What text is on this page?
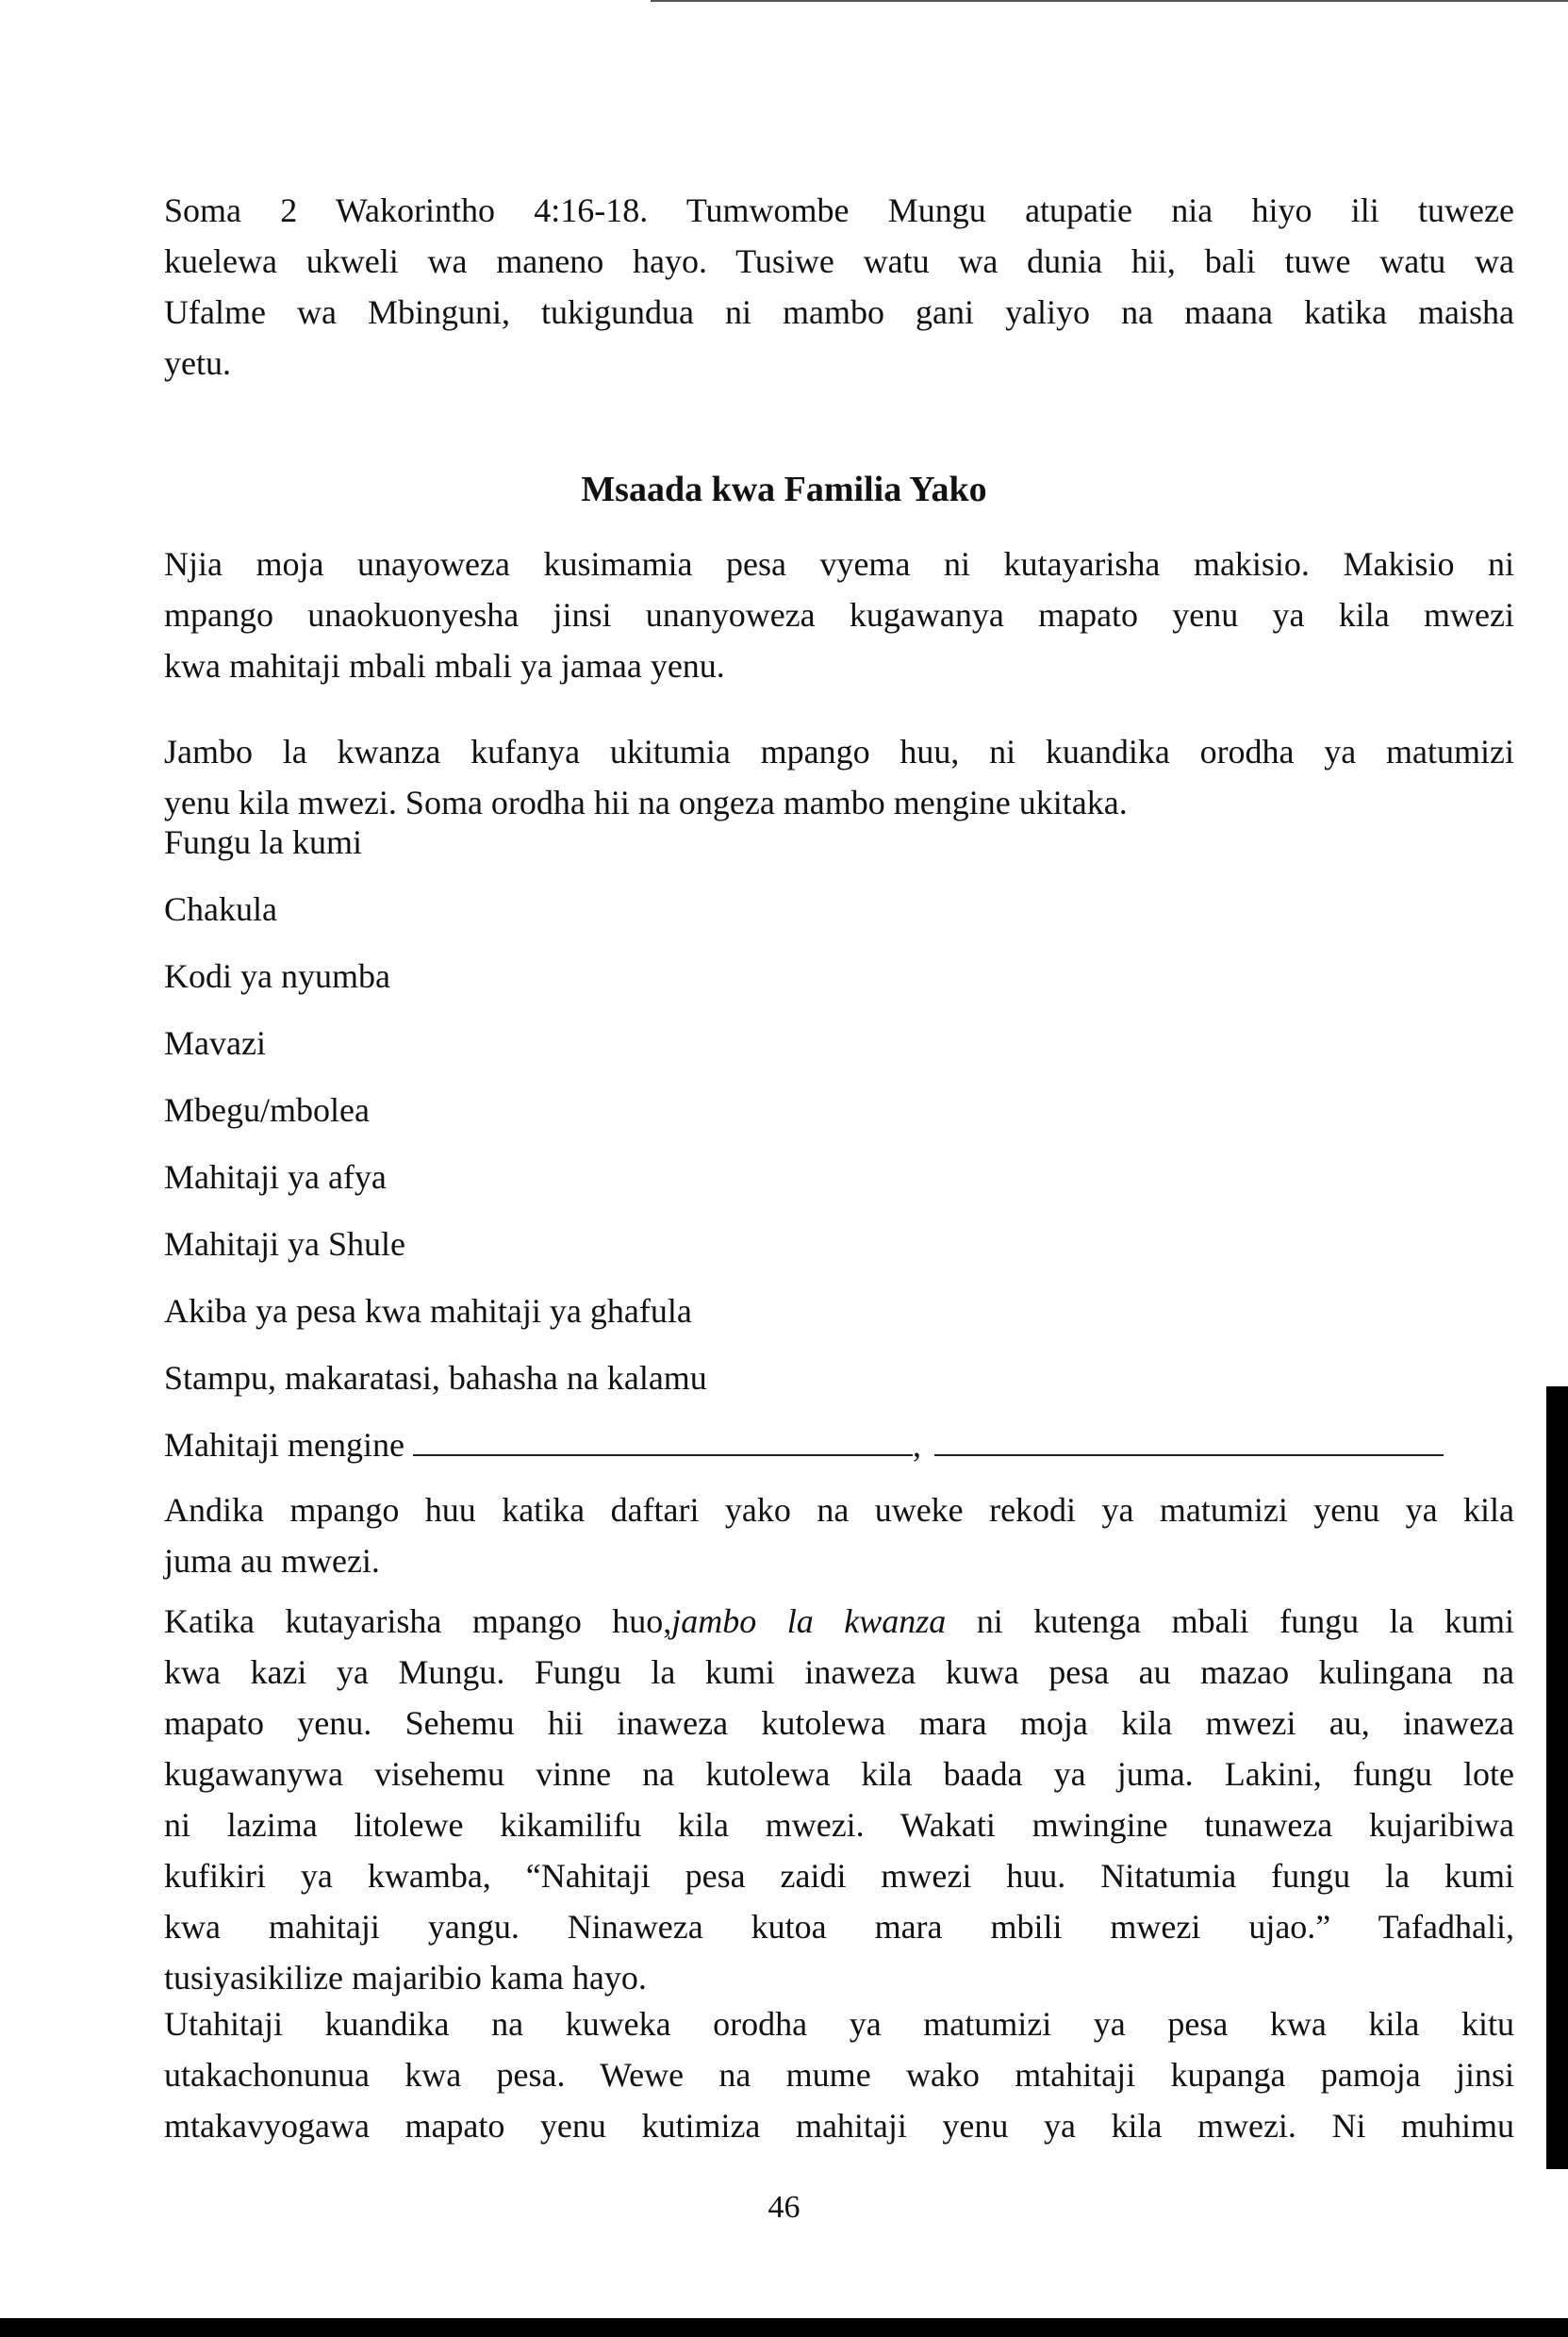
Soma 2 Wakorintho 4:16-18. Tumwombe Mungu atupatie nia hiyo ili tuweze
kuelewa ukweli wa maneno hayo. Tusiwe watu wa dunia hii, bali tuwe watu wa
Ufalme wa Mbinguni, tukigundua ni mambo gani yaliyo na maana katika maisha
yetu.
Msaada kwa Familia Yako
Njia moja unayoweza kusimamia pesa vyema ni kutayarisha makisio. Makisio ni
mpango unaokuonyesha jinsi unanyoweza kugawanya mapato yenu ya kila mwezi
kwa mahitaji mbali mbali ya jamaa yenu.
Jambo la kwanza kufanya ukitumia mpango huu, ni kuandika orodha ya matumizi
yenu kila mwezi. Soma orodha hii na ongeza mambo mengine ukitaka.
Fungu la kumi
Chakula
Kodi ya nyumba
Mavazi
Mbegu/mbolea
Mahitaji ya afya
Mahitaji ya Shule
Akiba ya pesa kwa mahitaji ya ghafula
Stampu, makaratasi, bahasha na kalamu
Mahitaji mengine	,
Andika mpango huu katika daftari yako na uweke rekodi ya matumizi yenu ya kila
juma au mwezi.
Katika kutayarisha mpango huo,jambo la kwanza ni kutenga mbali fungu la kumi
kwa kazi ya Mungu. Fungu la kumi inaweza kuwa pesa au mazao kulingana na
mapato yenu. Sehemu hii inaweza kutolewa mara moja kila mwezi au, inaweza
kugawanywa visehemu vinne na kutolewa kila baada ya juma. Lakini, fungu lote
ni lazima litolewe kikamilifu kila mwezi. Wakati mwingine tunaweza kujaribiwa
kufikiri ya kwamba, “Nahitaji pesa zaidi mwezi huu. Nitatumia fungu la kumi
kwa mahitaji yangu. Ninaweza kutoa mara mbili mwezi ujao.” Tafadhali,
tusiyasikilize majaribio kama hayo.
Utahitaji kuandika na kuweka orodha ya matumizi ya pesa kwa kila kitu
utakachonunua kwa pesa. Wewe na mume wako mtahitaji kupanga pamoja jinsi
mtakavyogawa mapato yenu kutimiza mahitaji yenu ya kila mwezi. Ni muhimu
46
